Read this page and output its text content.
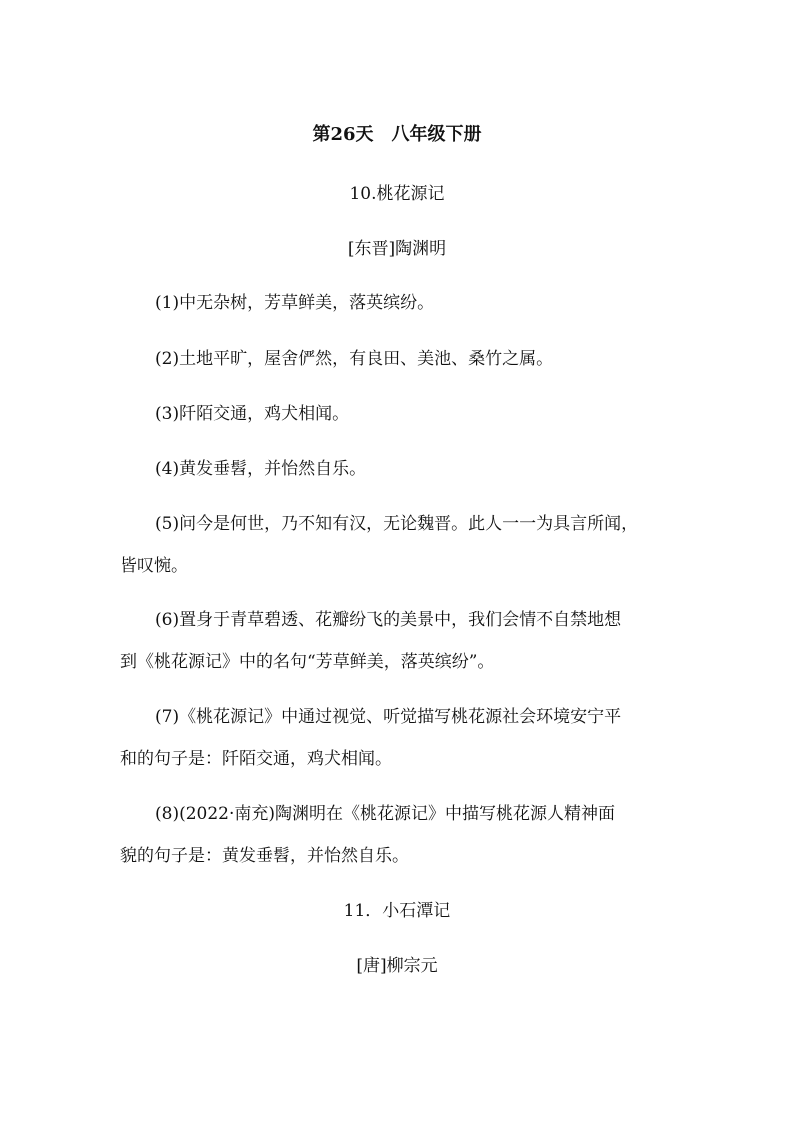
第26天　八年级下册
10.桃花源记
[东晋]陶渊明
(1)中无杂树，芳草鲜美，落英缤纷。
(2)土地平旷，屋舍俨然，有良田、美池、桑竹之属。
(3)阡陌交通，鸡犬相闻。
(4)黄发垂髫，并怡然自乐。
(5)问今是何世，乃不知有汉，无论魏晋。此人一一为具言所闻，
皆叹惋。
(6)置身于青草碧透、花瓣纷飞的美景中，我们会情不自禁地想
到《桃花源记》中的名句“芳草鲜美，落英缤纷”。
(7)《桃花源记》中通过视觉、听觉描写桃花源社会环境安宁平
和的句子是：阡陌交通，鸡犬相闻。
(8)(2022·南充)陶渊明在《桃花源记》中描写桃花源人精神面
貌的句子是：黄发垂髫，并怡然自乐。
11．小石潭记
[唐]柳宗元
